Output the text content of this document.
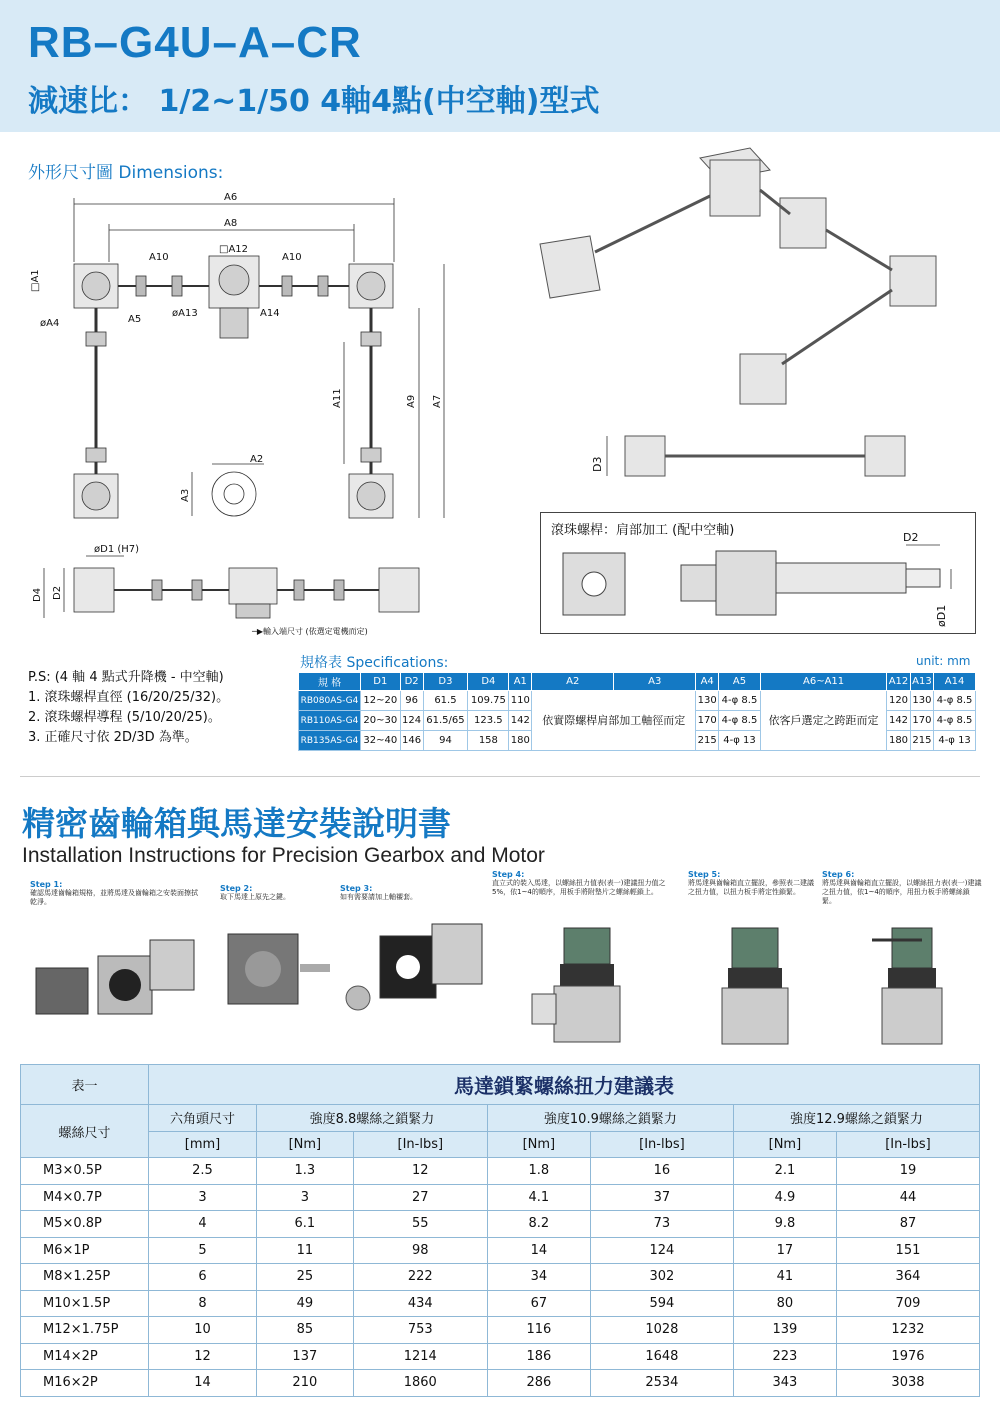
RB–G4U–A–CR
減速比： 1/2~1/50 4軸4點(中空軸)型式
外形尺寸圖 Dimensions:
A6
A8
A10
□A12
A10
□A1
øA4	A5
øA13	A14
A11	A9 A7
A2
A3
øD1 (H7)
D2
D4
─▶輸入端尺寸 (依選定電機而定)
D3
滾珠螺桿：肩部加工 (配中空軸)	D2
øD1
P.S: (4 軸 4 點式升降機 - 中空軸)
1. 滾珠螺桿直徑 (16/20/25/32)。
2. 滾珠螺桿導程 (5/10/20/25)。
3. 正確尺寸依 2D/3D 為準。
規格表 Specifications:	unit: mm
規 格	D1	D2	D3	D4	A1	A2	A3	A4	A5	A6~A11	A12	A13	A14
RB080AS-G4	12~20	96	61.5	109.75	110	依實際螺桿肩部加工軸徑而定		130	4-φ 8.5	依客戶選定之跨距而定	120	130	4-φ 8.5
RB110AS-G4	20~30	124	61.5/65	123.5	142			170	4-φ 8.5		142	170	4-φ 8.5
RB135AS-G4	32~40	146	94	158	180			215	4-φ 13		180	215	4-φ 13
精密齒輪箱與馬達安裝說明書
Installation Instructions for Precision Gearbox and Motor
Step 1:
確認馬達齒輪箱規格，並將馬達及齒輪箱之安裝面擦拭乾淨。
Step 2:
取下馬達上原先之鍵。
Step 3:
如有需要請加上軸襯套。
Step 4:
直立式的裝入馬達，以螺絲扭力值表(表一)建議扭力值之5%，依1~4的順序，用板手將附墊片之螺絲輕鎖上。
Step 5:
將馬達與齒輪箱直立擺設，參照表二建議之扭力值，以扭力板手將定性鎖緊。
Step 6:
將馬達與齒輪箱直立擺設，以螺絲扭力表(表一)建議之扭力值，依1~4的順序，用扭力板手將螺絲鎖緊。
表一	馬達鎖緊螺絲扭力建議表						
螺絲尺寸	六角頭尺寸	強度8.8螺絲之鎖緊力		強度10.9螺絲之鎖緊力		強度12.9螺絲之鎖緊力	
	[mm]	[Nm]	[In-lbs]	[Nm]	[In-lbs]	[Nm]	[In-lbs]
M3×0.5P	2.5	1.3	12	1.8	16	2.1	19
M4×0.7P	3	3	27	4.1	37	4.9	44
M5×0.8P	4	6.1	55	8.2	73	9.8	87
M6×1P	5	11	98	14	124	17	151
M8×1.25P	6	25	222	34	302	41	364
M10×1.5P	8	49	434	67	594	80	709
M12×1.75P	10	85	753	116	1028	139	1232
M14×2P	12	137	1214	186	1648	223	1976
M16×2P	14	210	1860	286	2534	343	3038
